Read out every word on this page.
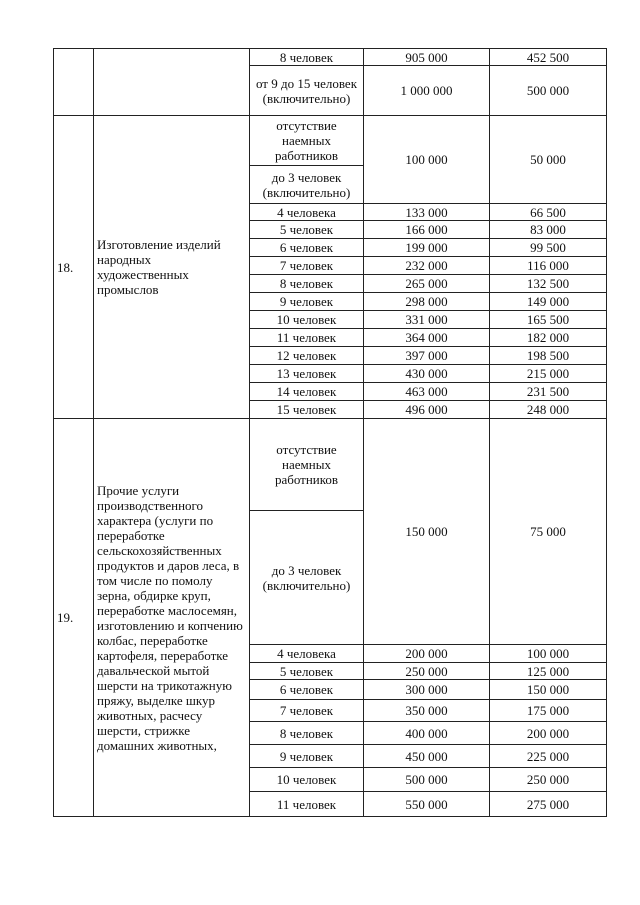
		8 человек	905 000	452 500
		от 9 до 15 человек (включительно)	1 000 000	500 000
18.	Изготовление изделий народных художественных промыслов	отсутствие наемных работников	100 000	50 000
		до 3 человек (включительно)		
		4 человека	133 000	66 500
		5 человек	166 000	83 000
		6 человек	199 000	99 500
		7 человек	232 000	116 000
		8 человек	265 000	132 500
		9 человек	298 000	149 000
		10 человек	331 000	165 500
		11 человек	364 000	182 000
		12 человек	397 000	198 500
		13 человек	430 000	215 000
		14 человек	463 000	231 500
		15 человек	496 000	248 000
19.	Прочие услуги производственного характера (услуги по переработке сельскохозяйственных продуктов и даров леса, в том числе по помолу зерна, обдирке круп, переработке маслосемян, изготовлению и копчению колбас, переработке картофеля, переработке давальческой мытой шерсти на трикотажную пряжу, выделке шкур животных, расчесу шерсти, стрижке домашних животных,	отсутствие наемных работников	150 000	75 000
		до 3 человек (включительно)		
		4 человека	200 000	100 000
		5 человек	250 000	125 000
		6 человек	300 000	150 000
		7 человек	350 000	175 000
		8 человек	400 000	200 000
		9 человек	450 000	225 000
		10 человек	500 000	250 000
		11 человек	550 000	275 000
